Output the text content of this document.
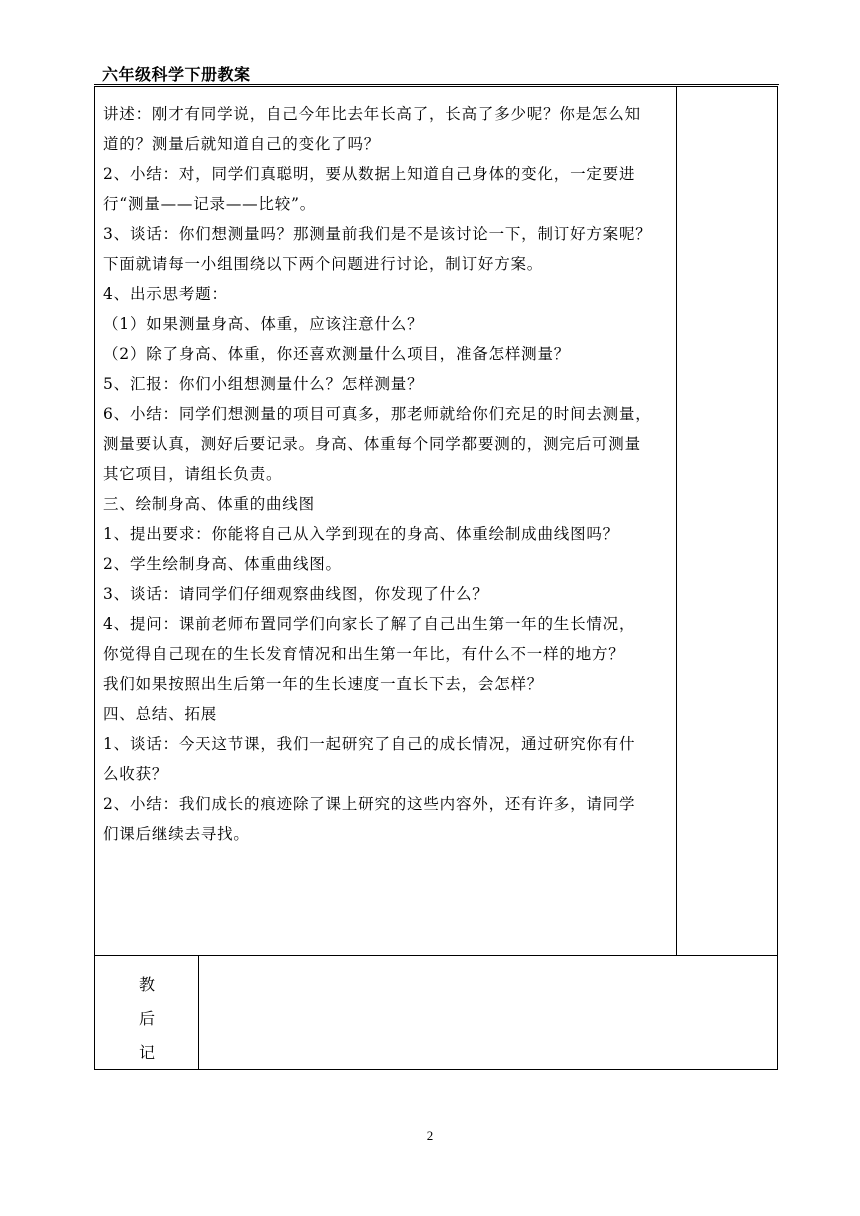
六年级科学下册教案
讲述：刚才有同学说，自己今年比去年长高了，长高了多少呢？你是怎么知
道的？测量后就知道自己的变化了吗？
2、小结：对，同学们真聪明，要从数据上知道自己身体的变化，一定要进
行“测量——记录——比较”。
3、谈话：你们想测量吗？那测量前我们是不是该讨论一下，制订好方案呢？
下面就请每一小组围绕以下两个问题进行讨论，制订好方案。
4、出示思考题：
（1）如果测量身高、体重，应该注意什么？
（2）除了身高、体重，你还喜欢测量什么项目，准备怎样测量？
5、汇报：你们小组想测量什么？怎样测量？
6、小结：同学们想测量的项目可真多，那老师就给你们充足的时间去测量，
测量要认真，测好后要记录。身高、体重每个同学都要测的，测完后可测量
其它项目，请组长负责。
三、绘制身高、体重的曲线图
1、提出要求：你能将自己从入学到现在的身高、体重绘制成曲线图吗？
2、学生绘制身高、体重曲线图。
3、谈话：请同学们仔细观察曲线图，你发现了什么？
4、提问：课前老师布置同学们向家长了解了自己出生第一年的生长情况，
你觉得自己现在的生长发育情况和出生第一年比，有什么不一样的地方？
我们如果按照出生后第一年的生长速度一直长下去，会怎样？
四、总结、拓展
1、谈话：今天这节课，我们一起研究了自己的成长情况，通过研究你有什
么收获？
2、小结：我们成长的痕迹除了课上研究的这些内容外，还有许多，请同学
们课后继续去寻找。
教
后
记
2
